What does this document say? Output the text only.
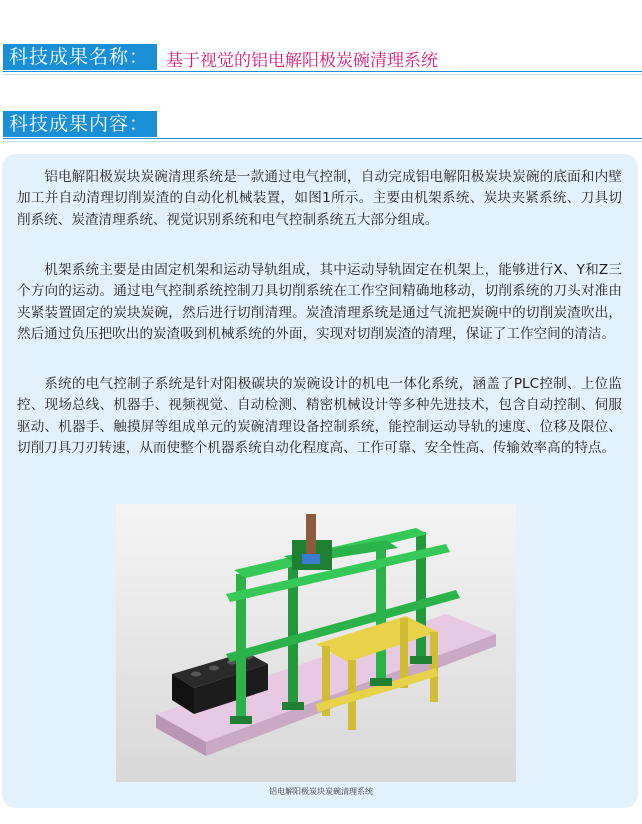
科技成果名称： 基于视觉的铝电解阳极炭碗清理系统
科技成果内容：

铝电解阳极炭块炭碗清理系统是一款通过电气控制，自动完成铝电解阳极炭块炭碗的底面和内壁加工并自动清理切削炭渣的自动化机械装置，如图1所示。主要由机架系统、炭块夹紧系统、刀具切削系统、炭渣清理系统、视觉识别系统和电气控制系统五大部分组成。

机架系统主要是由固定机架和运动导轨组成，其中运动导轨固定在机架上，能够进行X、Y和Z三个方向的运动。通过电气控制系统控制刀具切削系统在工作空间精确地移动，切削系统的刀头对准由夹紧装置固定的炭块炭碗，然后进行切削清理。炭渣清理系统是通过气流把炭碗中的切削炭渣吹出，然后通过负压把吹出的炭渣吸到机械系统的外面，实现对切削炭渣的清理，保证了工作空间的清洁。

系统的电气控制子系统是针对阳极碳块的炭碗设计的机电一体化系统，涵盖了PLC控制、上位监控、现场总线、机器手、视频视觉、自动检测、精密机械设计等多种先进技术，包含自动控制、伺服驱动、机器手、触摸屏等组成单元的炭碗清理设备控制系统，能控制运动导轨的速度、位移及限位、切削刀具刀刃转速，从而使整个机器系统自动化程度高、工作可靠、安全性高、传输效率高的特点。

铝电解阳极炭块炭碗清理系统
